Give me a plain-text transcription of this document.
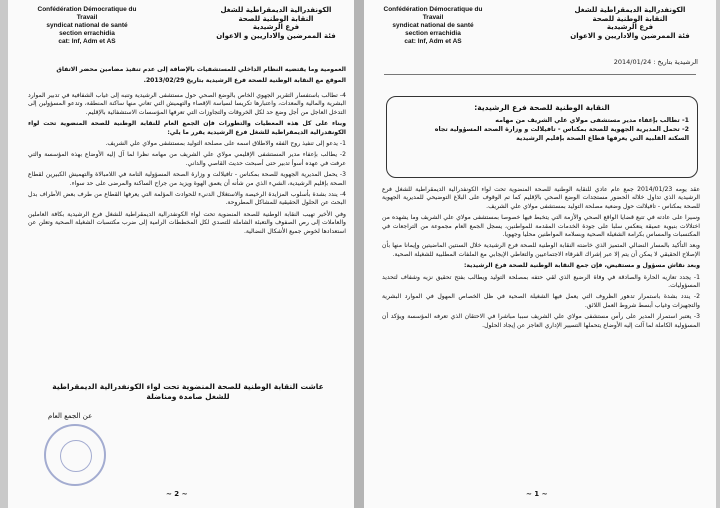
Confédération Démocratique du Travail
syndicat national de santé
section errachidia
cat: Inf, Adm et AS
الكونفدرالية الديمقراطية للشغل
النقابة الوطنية للصحة
فرع الرشيدية
فئة الممرضين والاداريين و الاعوان

العمومية وما يقتضيه النظام الداخلي للمستشفيات بالإضافة إلى عدم تنفيذ مضامين محضر الاتفاق

الموقع مع النقابة الوطنية للصحة فرع الرشيدية بتاريخ 2013/02/29.

4- تطالب باستفسار التقرير الجهوي الخاص بالوضع الصحي حول مستشفى الرشيدية وتنبه إلى غياب الشفافية في تدبير الموارد البشرية والمالية والمعدات، واعتبارها تكريسا لسياسة الإقصاء والتهميش التي تعاني منها ساكنة المنطقة، وتدعو المسؤولين إلى التدخل العاجل من أجل وضع حد لكل الخروقات والتجاوزات التي تعرفها المؤسسات الاستشفائية بالإقليم.

وبناء على كل هذه المعطيات والتطورات فإن الجمع العام للنقابة الوطنية للصحة المنضوية تحت لواء الكونفدرالية الديمقراطية للشغل فرع الرشيدية يقرر ما يلي:

1- يدعو إلى تنفيذ روح الفقه والاطلاق اسمه على مصلحة التوليد بمستشفى مولاي علي الشريف.

2- يطالب بإعفاء مدير المستشفى الإقليمي مولاي علي الشريف من مهامه نظرا لما آل إليه الأوضاع بهذه المؤسسة والتي عرفت في عهده أسوأ تدبير حتى أصبحت حديث القاصي والداني.

3- يحمل المديرية الجهوية للصحة بمكناس - تافيلالت و وزارة الصحة المسؤولية التامة في اللامبالاة والتهميش الكبيرين لقطاع الصحة بإقليم الرشيدية، الشيء الذي من شأنه أن يعمق الهوة ويزيد من جراح الساكنة والمرضى على حد سواء.

4- يندد بشدة بأسلوب المزايدة الرخيصة والاستغلال الدنيء للحوادث المؤلمة التي يعرفها القطاع من طرف بعض الأطراف بدل البحث عن الحلول الحقيقية للمشاكل المطروحة.

وفي الأخير تهيب النقابة الوطنية للصحة المنضوية تحت لواء الكونفدرالية الديمقراطية للشغل فرع الرشيدية بكافة العاملين والعاملات إلى رص الصفوف والتعبئة الشاملة للتصدي لكل المخططات الرامية إلى ضرب مكتسبات الشغيلة الصحية وتعلن عن استعدادها لخوض جميع الأشكال النضالية.

عاشت النقابة الوطنية للصحة المنضوية تحت لواء الكونفدرالية الديمقراطية للشغل صامدة ومناضلة
عن الجمع العام
~ 2 ~
Confédération Démocratique du Travail
syndicat national de santé
section errachidia
cat: Inf, Adm et AS
الكونفدرالية الديمقراطية للشغل
النقابة الوطنية للصحة
فرع الرشيدية
فئة الممرضين والاداريين و الاعوان
الرشيدية بتاريخ : 2014/01/24
النقابة الوطنية للصحة فرع الرشيدية:

1- تطالب بإعفاء مدير مستشفى مولاي علي الشريف من مهامه

2- تحمل المديرية الجهوية للصحة بمكناس - تافيلالت و وزارة الصحة المسؤولية تجاه

السكتة القلبية التي يعرفها قطاع الصحة بإقليم الرشيدية

عقد يومه 2014/01/23 جمع عام عادي للنقابة الوطنية للصحة المنضوية تحت لواء الكونفدرالية الديمقراطية للشغل فرع الرشيدية الذي تداول خلاله الحضور مستجدات الوضع الصحي بالإقليم كما تم الوقوف على البلاغ التوضيحي للمديرية الجهوية للصحة بمكناس - تافيلالت حول وضعية مصلحة التوليد بمستشفى مولاي علي الشريف.

وسيرا على عادته في تتبع قضايا الواقع الصحي والأزمة التي يتخبط فيها خصوصا بمستشفى مولاي علي الشريف وما يشهده من اختلالات بنيوية عميقة ينعكس سلبا على جودة الخدمات المقدمة للمواطنين، يسجل الجمع العام مجموعة من التراجعات في المكتسبات والمساس بكرامة الشغيلة الصحية وبسلامة المواطنين محليا وجهويا.

وبعد التأكيد بالمسار النضالي المتميز الذي خاضته النقابة الوطنية للصحة فرع الرشيدية خلال السنتين الماضيتين وإيمانا منها بأن الإصلاح الحقيقي لا يمكن أن يتم إلا عبر إشراك الفرقاء الاجتماعيين والتعاطي الإيجابي مع الملفات المطلبية للشغيلة الصحية.

وبعد نقاش مسؤول و مستفيض، فإن جمع النقابة الوطنية للصحة فرع الرشيدية:

1- يجدد تعازيه الحارة والصادقة في وفاة الرضيع الذي لقي حتفه بمصلحة التوليد ويطالب بفتح تحقيق نزيه وشفاف لتحديد المسؤوليات.

2- يندد بشدة باستمرار تدهور الظروف التي يعمل فيها الشغيلة الصحية في ظل الخصاص المهول في الموارد البشرية والتجهيزات وغياب أبسط شروط العمل اللائق.

3- يعتبر استمرار المدير على رأس مستشفى مولاي علي الشريف سببا مباشرا في الاحتقان الذي تعرفه المؤسسة ويؤكد أن المسؤولية الكاملة لما آلت إليه الأوضاع يتحملها التسيير الإداري العاجز عن إيجاد الحلول.

~ 1 ~
